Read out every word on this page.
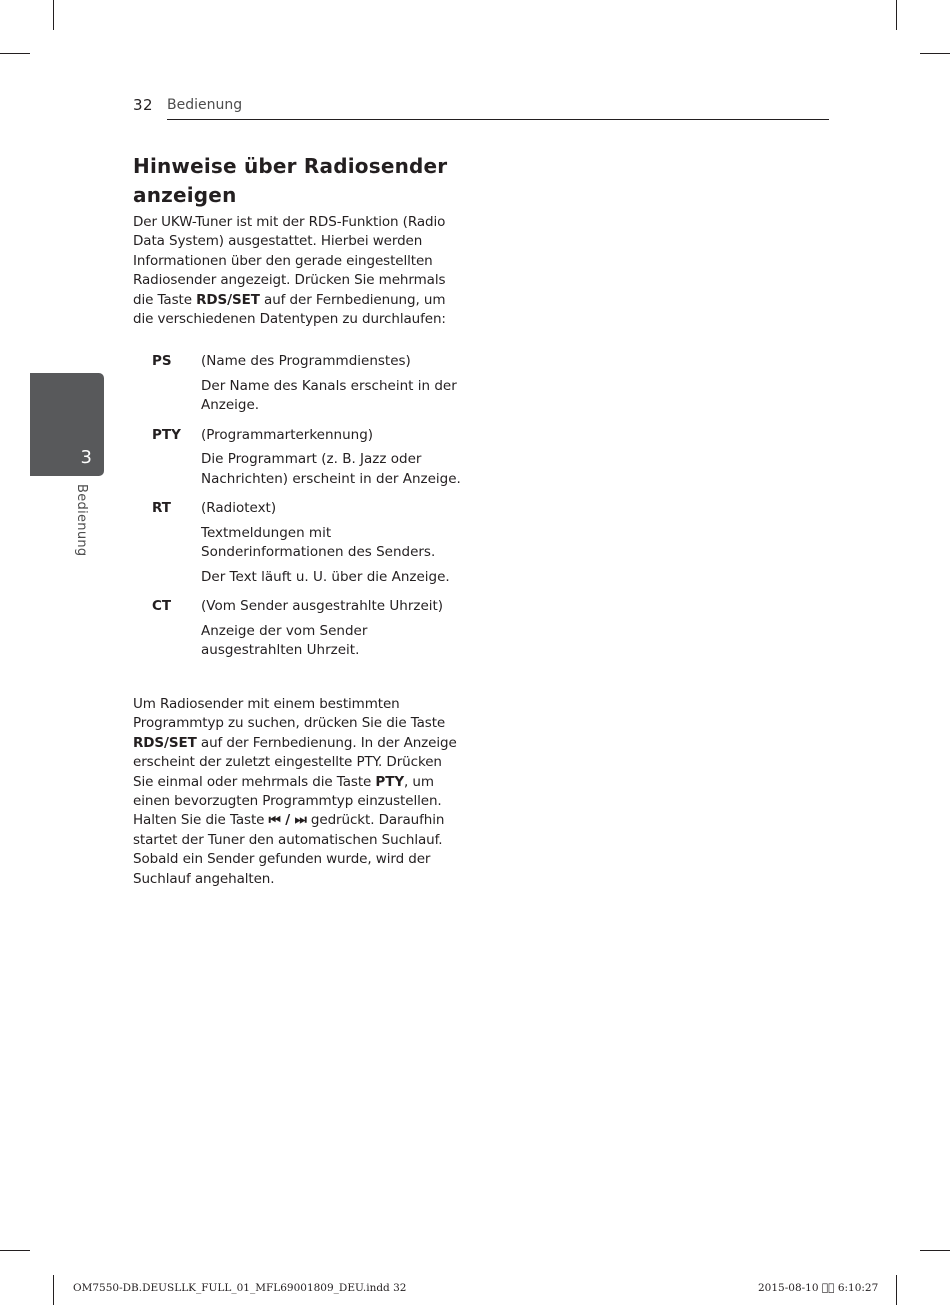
32 Bedienung
3
Bedienung
Hinweise über Radiosender anzeigen

Der UKW-Tuner ist mit der RDS-Funktion (Radio Data System) ausgestattet. Hierbei werden Informationen über den gerade eingestellten Radiosender angezeigt. Drücken Sie mehrmals die Taste RDS/SET auf der Fernbedienung, um die verschiedenen Datentypen zu durchlaufen:

PS (Name des Programmdienstes)
Der Name des Kanals erscheint in der Anzeige.
PTY (Programmarterkennung)
Die Programmart (z. B. Jazz oder Nachrichten) erscheint in der Anzeige.
RT (Radiotext)
Textmeldungen mit Sonderinformationen des Senders.
Der Text läuft u. U. über die Anzeige.
CT (Vom Sender ausgestrahlte Uhrzeit)
Anzeige der vom Sender ausgestrahlten Uhrzeit.

Um Radiosender mit einem bestimmten Programmtyp zu suchen, drücken Sie die Taste RDS/SET auf der Fernbedienung. In der Anzeige erscheint der zuletzt eingestellte PTY. Drücken Sie einmal oder mehrmals die Taste PTY, um einen bevorzugten Programmtyp einzustellen. Halten Sie die Taste ⏮ / ⏭ gedrückt. Daraufhin startet der Tuner den automatischen Suchlauf. Sobald ein Sender gefunden wurde, wird der Suchlauf angehalten.

OM7550-DB.DEUSLLK_FULL_01_MFL69001809_DEU.indd 32	2015-08-10 ￿￿ 6:10:27
